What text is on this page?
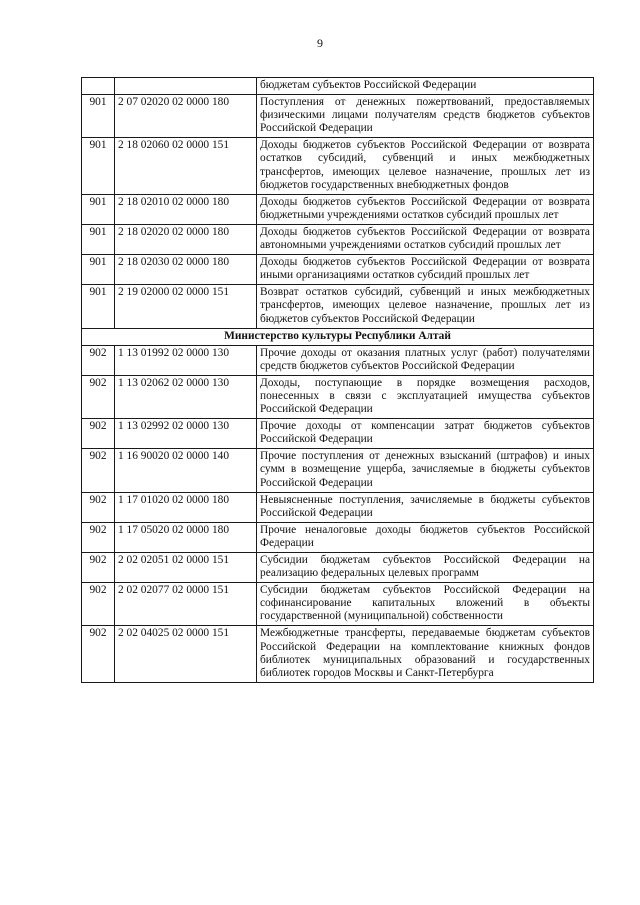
9
		бюджетам субъектов Российской Федерации
901	2 07 02020 02 0000 180	Поступления от денежных пожертвований, предоставляемых физическими лицами получателям средств бюджетов субъектов Российской Федерации
901	2 18 02060 02 0000 151	Доходы бюджетов субъектов Российской Федерации от возврата остатков субсидий, субвенций и иных межбюджетных трансфертов, имеющих целевое назначение, прошлых лет из бюджетов государственных внебюджетных фондов
901	2 18 02010 02 0000 180	Доходы бюджетов субъектов Российской Федерации от возврата бюджетными учреждениями остатков субсидий прошлых лет
901	2 18 02020 02 0000 180	Доходы бюджетов субъектов Российской Федерации от возврата автономными учреждениями остатков субсидий прошлых лет
901	2 18 02030 02 0000 180	Доходы бюджетов субъектов Российской Федерации от возврата иными организациями остатков субсидий прошлых лет
901	2 19 02000 02 0000 151	Возврат остатков субсидий, субвенций и иных межбюджетных трансфертов, имеющих целевое назначение, прошлых лет из бюджетов субъектов Российской Федерации
Министерство культуры Республики Алтай		
902	1 13 01992 02 0000 130	Прочие доходы от оказания платных услуг (работ) получателями средств бюджетов субъектов Российской Федерации
902	1 13 02062 02 0000 130	Доходы, поступающие в порядке возмещения расходов, понесенных в связи с эксплуатацией имущества субъектов Российской Федерации
902	1 13 02992 02 0000 130	Прочие доходы от компенсации затрат бюджетов субъектов Российской Федерации
902	1 16 90020 02 0000 140	Прочие поступления от денежных взысканий (штрафов) и иных сумм в возмещение ущерба, зачисляемые в бюджеты субъектов Российской Федерации
902	1 17 01020 02 0000 180	Невыясненные поступления, зачисляемые в бюджеты субъектов Российской Федерации
902	1 17 05020 02 0000 180	Прочие неналоговые доходы бюджетов субъектов Российской Федерации
902	2 02 02051 02 0000 151	Субсидии бюджетам субъектов Российской Федерации на реализацию федеральных целевых программ
902	2 02 02077 02 0000 151	Субсидии бюджетам субъектов Российской Федерации на софинансирование капитальных вложений в объекты государственной (муниципальной) собственности
902	2 02 04025 02 0000 151	Межбюджетные трансферты, передаваемые бюджетам субъектов Российской Федерации на комплектование книжных фондов библиотек муниципальных образований и государственных библиотек городов Москвы и Санкт-Петербурга
